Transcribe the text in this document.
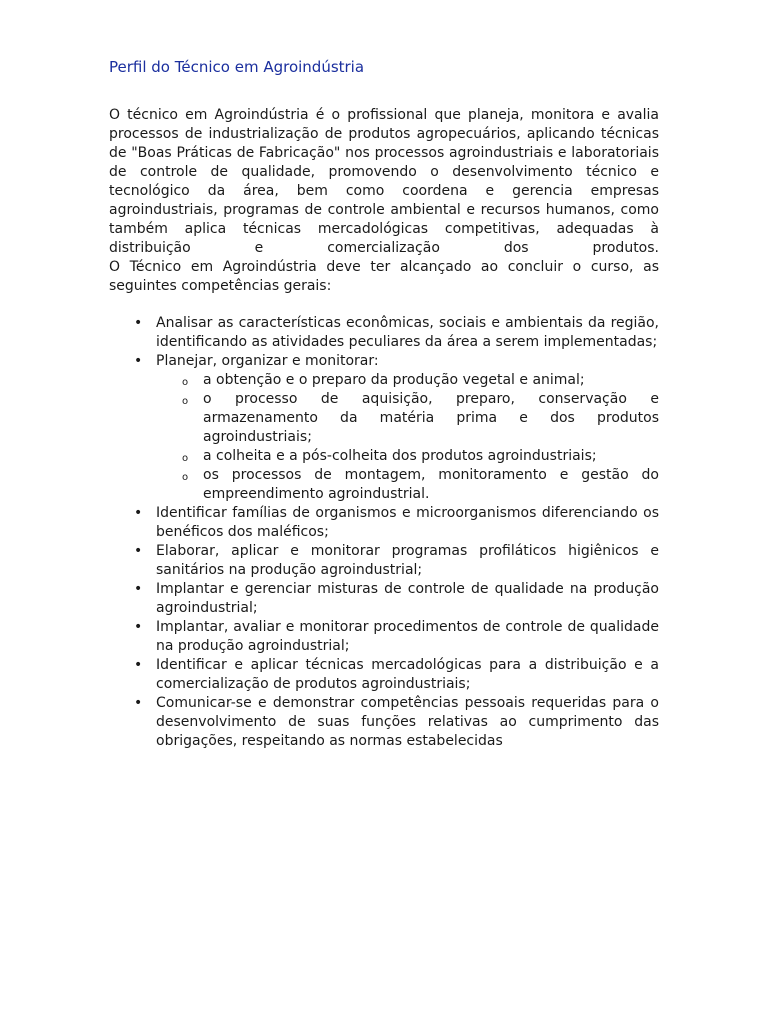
Perfil do Técnico em Agroindústria

O técnico em Agroindústria é o profissional que planeja, monitora e avalia processos de industrialização de produtos agropecuários, aplicando técnicas de "Boas Práticas de Fabricação" nos processos agroindustriais e laboratoriais de controle de qualidade, promovendo o desenvolvimento técnico e tecnológico da área, bem como coordena e gerencia empresas agroindustriais, programas de controle ambiental e recursos humanos, como também aplica técnicas mercadológicas competitivas, adequadas à distribuição e comercialização dos produtos.

O Técnico em Agroindústria deve ter alcançado ao concluir o curso, as seguintes competências gerais:

• Analisar as características econômicas, sociais e ambientais da região, identificando as atividades peculiares da área a serem implementadas;
• Planejar, organizar e monitorar:
o a obtenção e o preparo da produção vegetal e animal;
o o processo de aquisição, preparo, conservação e armazenamento da matéria prima e dos produtos agroindustriais;
o a colheita e a pós-colheita dos produtos agroindustriais;
o os processos de montagem, monitoramento e gestão do empreendimento agroindustrial.
• Identificar famílias de organismos e microorganismos diferenciando os benéficos dos maléficos;
• Elaborar, aplicar e monitorar programas profiláticos higiênicos e sanitários na produção agroindustrial;
• Implantar e gerenciar misturas de controle de qualidade na produção agroindustrial;
• Implantar, avaliar e monitorar procedimentos de controle de qualidade na produção agroindustrial;
• Identificar e aplicar técnicas mercadológicas para a distribuição e a comercialização de produtos agroindustriais;
• Comunicar-se e demonstrar competências pessoais requeridas para o desenvolvimento de suas funções relativas ao cumprimento das obrigações, respeitando as normas estabelecidas
